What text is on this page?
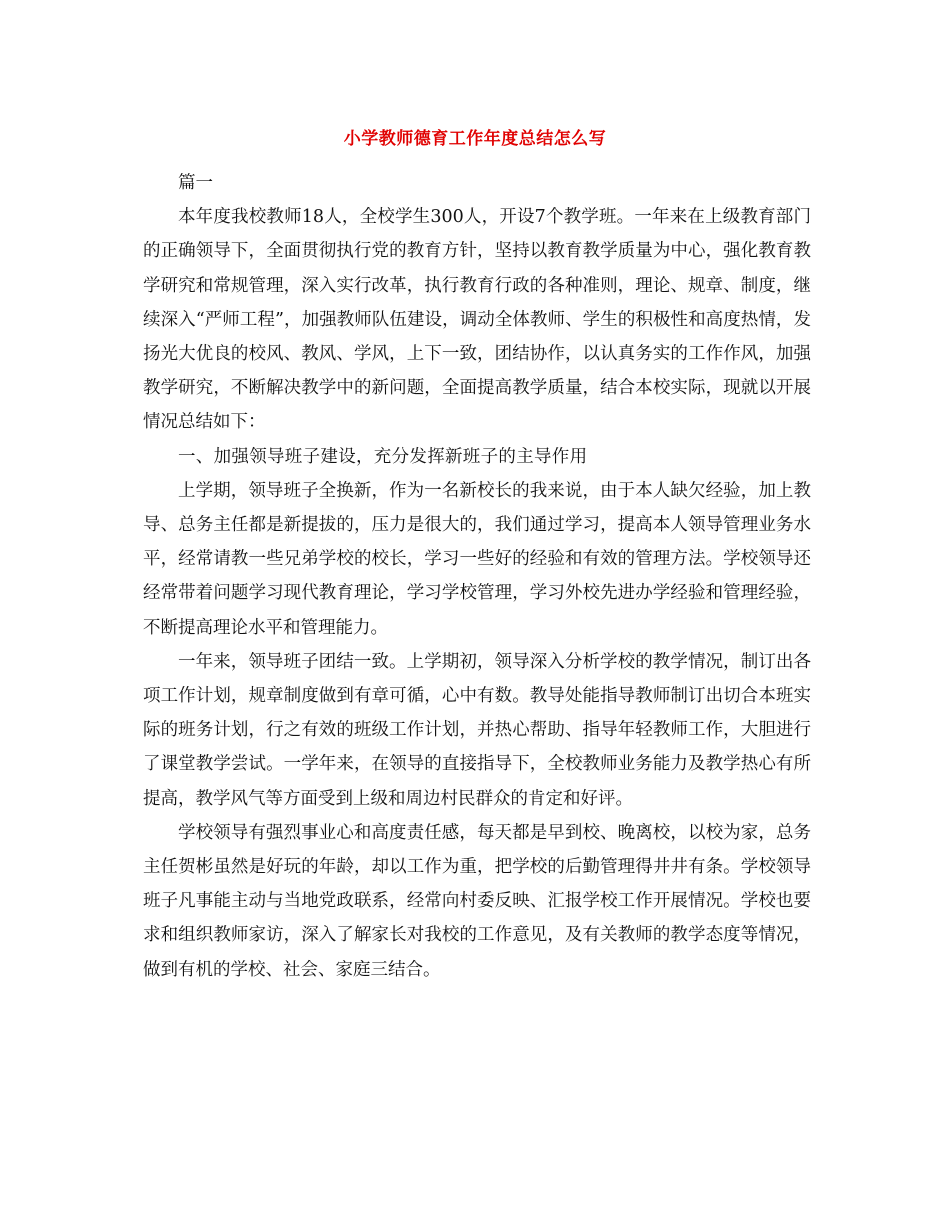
小学教师德育工作年度总结怎么写

篇一

本年度我校教师18人，全校学生300人，开设7个教学班。一年来在上级教育部门的正确领导下，全面贯彻执行党的教育方针，坚持以教育教学质量为中心，强化教育教学研究和常规管理，深入实行改革，执行教育行政的各种准则，理论、规章、制度，继续深入“严师工程”，加强教师队伍建设，调动全体教师、学生的积极性和高度热情，发扬光大优良的校风、教风、学风，上下一致，团结协作，以认真务实的工作作风，加强教学研究，不断解决教学中的新问题，全面提高教学质量，结合本校实际，现就以开展情况总结如下：

一、加强领导班子建设，充分发挥新班子的主导作用

上学期，领导班子全换新，作为一名新校长的我来说，由于本人缺欠经验，加上教导、总务主任都是新提拔的，压力是很大的，我们通过学习，提高本人领导管理业务水平，经常请教一些兄弟学校的校长，学习一些好的经验和有效的管理方法。学校领导还经常带着问题学习现代教育理论，学习学校管理，学习外校先进办学经验和管理经验，不断提高理论水平和管理能力。

一年来，领导班子团结一致。上学期初，领导深入分析学校的教学情况，制订出各项工作计划，规章制度做到有章可循，心中有数。教导处能指导教师制订出切合本班实际的班务计划，行之有效的班级工作计划，并热心帮助、指导年轻教师工作，大胆进行了课堂教学尝试。一学年来，在领导的直接指导下，全校教师业务能力及教学热心有所提高，教学风气等方面受到上级和周边村民群众的肯定和好评。

学校领导有强烈事业心和高度责任感，每天都是早到校、晚离校，以校为家，总务主任贺彬虽然是好玩的年龄，却以工作为重，把学校的后勤管理得井井有条。学校领导班子凡事能主动与当地党政联系，经常向村委反映、汇报学校工作开展情况。学校也要求和组织教师家访，深入了解家长对我校的工作意见，及有关教师的教学态度等情况，做到有机的学校、社会、家庭三结合。
